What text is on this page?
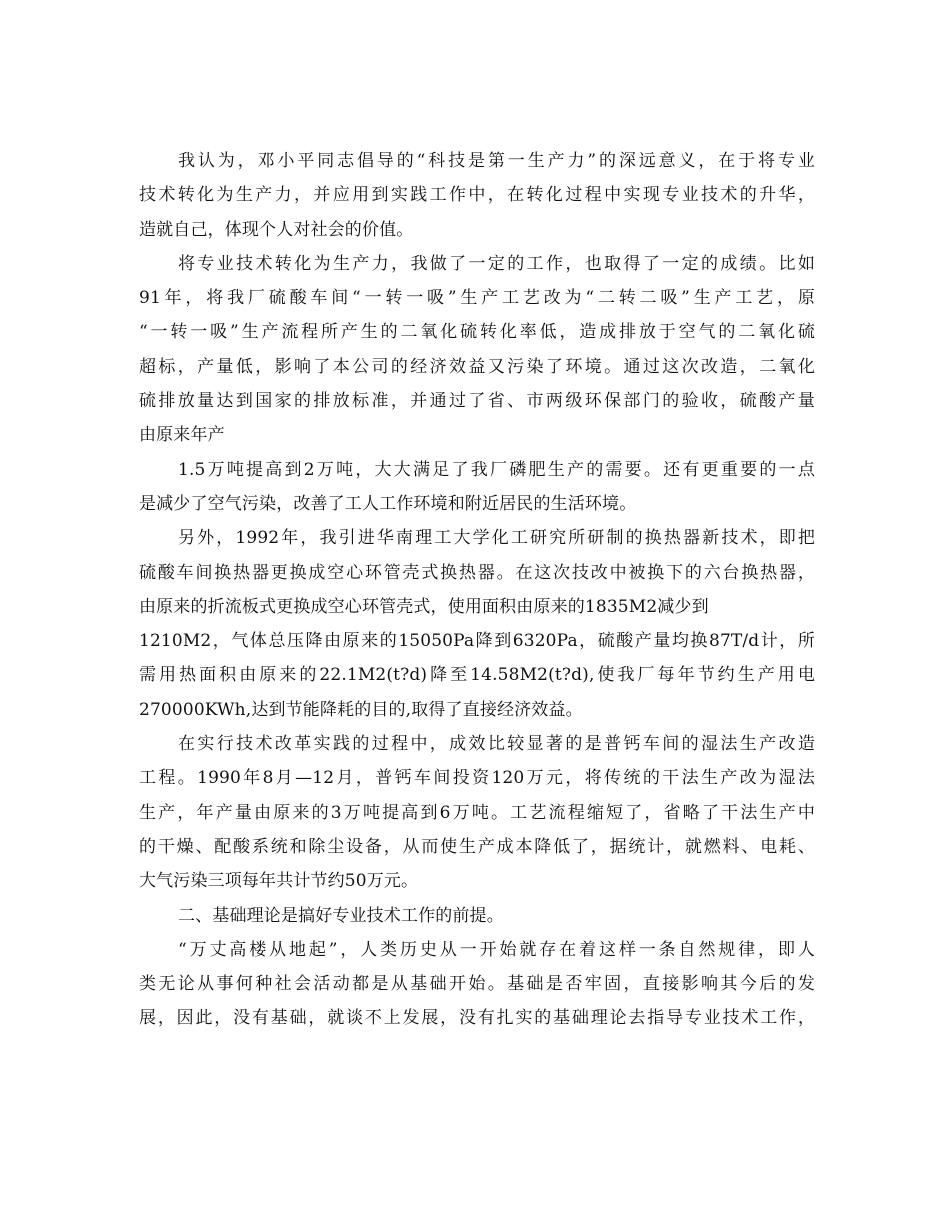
我认为，邓小平同志倡导的“科技是第一生产力”的深远意义，在于将专业
技术转化为生产力，并应用到实践工作中，在转化过程中实现专业技术的升华，
造就自己，体现个人对社会的价值。
将专业技术转化为生产力，我做了一定的工作，也取得了一定的成绩。比如
91年，将我厂硫酸车间“一转一吸”生产工艺改为“二转二吸”生产工艺，原
“一转一吸”生产流程所产生的二氧化硫转化率低，造成排放于空气的二氧化硫
超标，产量低，影响了本公司的经济效益又污染了环境。通过这次改造，二氧化
硫排放量达到国家的排放标准，并通过了省、市两级环保部门的验收，硫酸产量
由原来年产
1.5万吨提高到2万吨，大大满足了我厂磷肥生产的需要。还有更重要的一点
是减少了空气污染，改善了工人工作环境和附近居民的生活环境。
另外，1992年，我引进华南理工大学化工研究所研制的换热器新技术，即把
硫酸车间换热器更换成空心环管壳式换热器。在这次技改中被换下的六台换热器，
由原来的折流板式更换成空心环管壳式，使用面积由原来的1835M2减少到
1210M2，气体总压降由原来的15050Pa降到6320Pa，硫酸产量均换87T/d计，所
需用热面积由原来的22.1M2(t?d)降至14.58M2(t?d),使我厂每年节约生产用电
270000KWh,达到节能降耗的目的,取得了直接经济效益。
在实行技术改革实践的过程中，成效比较显著的是普钙车间的湿法生产改造
工程。1990年8月—12月，普钙车间投资120万元，将传统的干法生产改为湿法
生产，年产量由原来的3万吨提高到6万吨。工艺流程缩短了，省略了干法生产中
的干燥、配酸系统和除尘设备，从而使生产成本降低了，据统计，就燃料、电耗、
大气污染三项每年共计节约50万元。
二、基础理论是搞好专业技术工作的前提。
“万丈高楼从地起”，人类历史从一开始就存在着这样一条自然规律，即人
类无论从事何种社会活动都是从基础开始。基础是否牢固，直接影响其今后的发
展，因此，没有基础，就谈不上发展，没有扎实的基础理论去指导专业技术工作，
